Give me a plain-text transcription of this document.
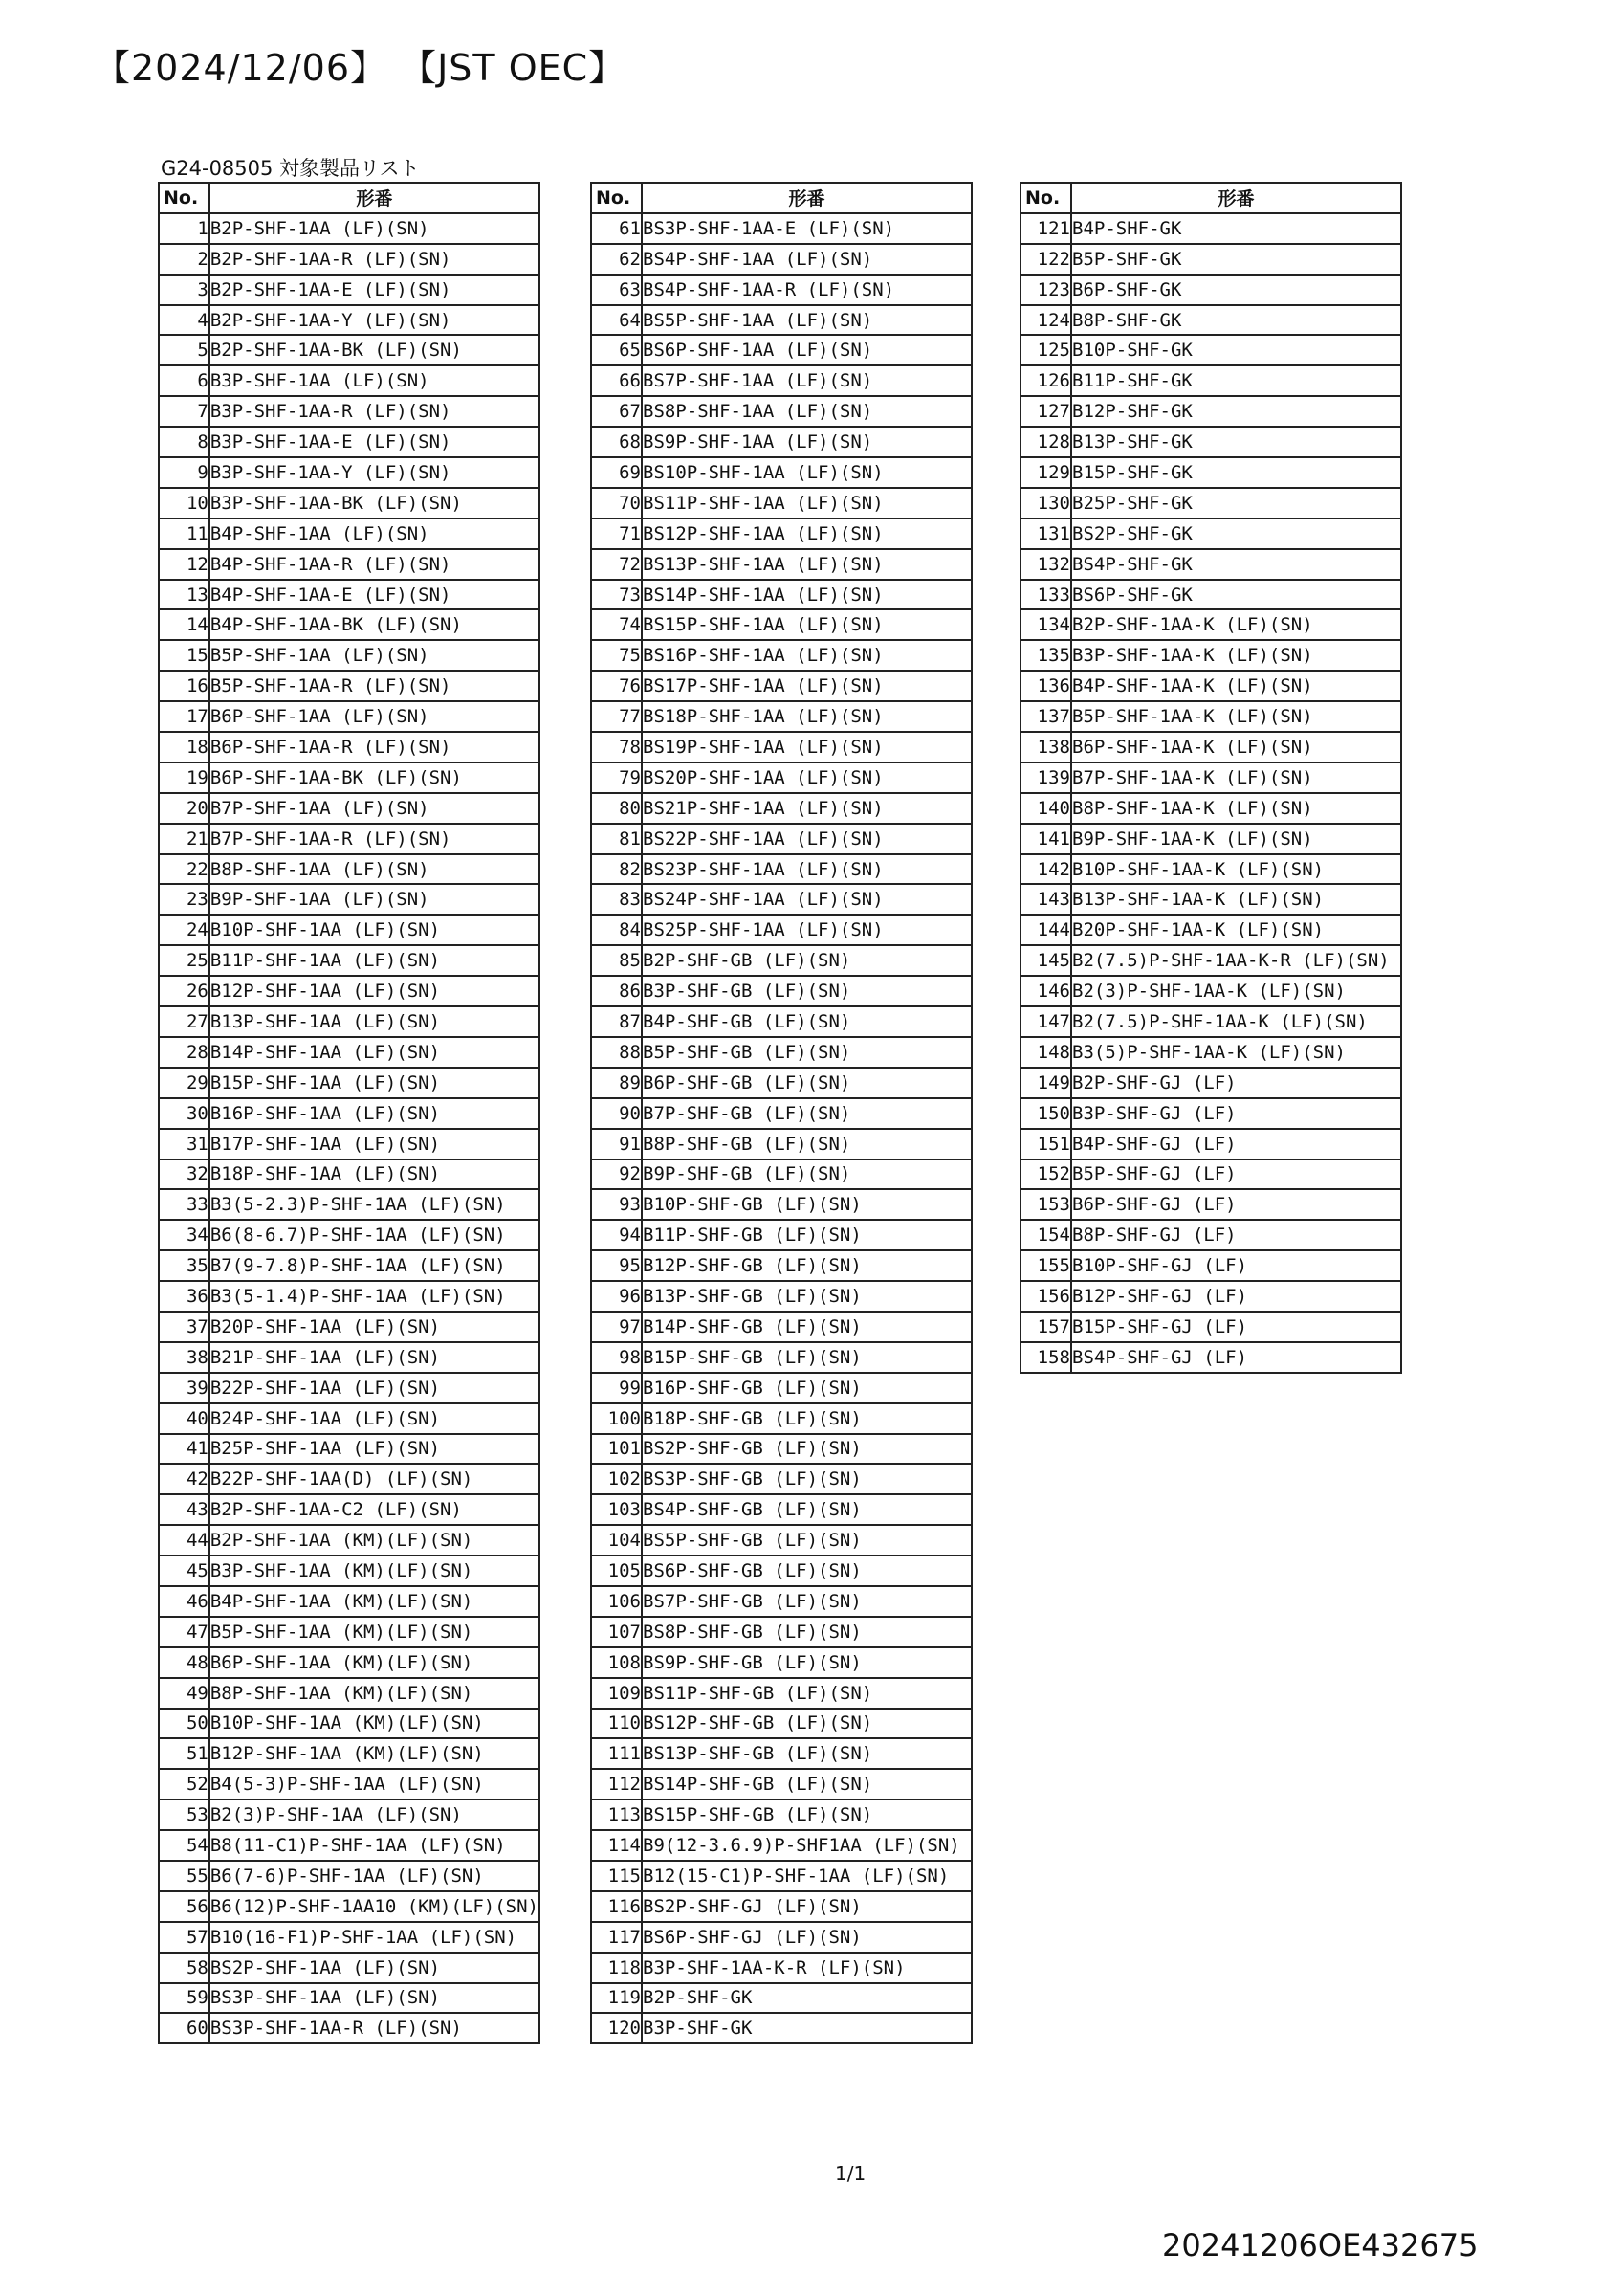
【2024/12/06】 【JST OEC】
G24-08505 対象製品リスト
No.	形番
1	B2P-SHF-1AA (LF)(SN)
2	B2P-SHF-1AA-R (LF)(SN)
3	B2P-SHF-1AA-E (LF)(SN)
4	B2P-SHF-1AA-Y (LF)(SN)
5	B2P-SHF-1AA-BK (LF)(SN)
6	B3P-SHF-1AA (LF)(SN)
7	B3P-SHF-1AA-R (LF)(SN)
8	B3P-SHF-1AA-E (LF)(SN)
9	B3P-SHF-1AA-Y (LF)(SN)
10	B3P-SHF-1AA-BK (LF)(SN)
11	B4P-SHF-1AA (LF)(SN)
12	B4P-SHF-1AA-R (LF)(SN)
13	B4P-SHF-1AA-E (LF)(SN)
14	B4P-SHF-1AA-BK (LF)(SN)
15	B5P-SHF-1AA (LF)(SN)
16	B5P-SHF-1AA-R (LF)(SN)
17	B6P-SHF-1AA (LF)(SN)
18	B6P-SHF-1AA-R (LF)(SN)
19	B6P-SHF-1AA-BK (LF)(SN)
20	B7P-SHF-1AA (LF)(SN)
21	B7P-SHF-1AA-R (LF)(SN)
22	B8P-SHF-1AA (LF)(SN)
23	B9P-SHF-1AA (LF)(SN)
24	B10P-SHF-1AA (LF)(SN)
25	B11P-SHF-1AA (LF)(SN)
26	B12P-SHF-1AA (LF)(SN)
27	B13P-SHF-1AA (LF)(SN)
28	B14P-SHF-1AA (LF)(SN)
29	B15P-SHF-1AA (LF)(SN)
30	B16P-SHF-1AA (LF)(SN)
31	B17P-SHF-1AA (LF)(SN)
32	B18P-SHF-1AA (LF)(SN)
33	B3(5-2.3)P-SHF-1AA (LF)(SN)
34	B6(8-6.7)P-SHF-1AA (LF)(SN)
35	B7(9-7.8)P-SHF-1AA (LF)(SN)
36	B3(5-1.4)P-SHF-1AA (LF)(SN)
37	B20P-SHF-1AA (LF)(SN)
38	B21P-SHF-1AA (LF)(SN)
39	B22P-SHF-1AA (LF)(SN)
40	B24P-SHF-1AA (LF)(SN)
41	B25P-SHF-1AA (LF)(SN)
42	B22P-SHF-1AA(D) (LF)(SN)
43	B2P-SHF-1AA-C2 (LF)(SN)
44	B2P-SHF-1AA (KM)(LF)(SN)
45	B3P-SHF-1AA (KM)(LF)(SN)
46	B4P-SHF-1AA (KM)(LF)(SN)
47	B5P-SHF-1AA (KM)(LF)(SN)
48	B6P-SHF-1AA (KM)(LF)(SN)
49	B8P-SHF-1AA (KM)(LF)(SN)
50	B10P-SHF-1AA (KM)(LF)(SN)
51	B12P-SHF-1AA (KM)(LF)(SN)
52	B4(5-3)P-SHF-1AA (LF)(SN)
53	B2(3)P-SHF-1AA (LF)(SN)
54	B8(11-C1)P-SHF-1AA (LF)(SN)
55	B6(7-6)P-SHF-1AA (LF)(SN)
56	B6(12)P-SHF-1AA10 (KM)(LF)(SN)
57	B10(16-F1)P-SHF-1AA (LF)(SN)
58	BS2P-SHF-1AA (LF)(SN)
59	BS3P-SHF-1AA (LF)(SN)
60	BS3P-SHF-1AA-R (LF)(SN)
No.	形番
61	BS3P-SHF-1AA-E (LF)(SN)
62	BS4P-SHF-1AA (LF)(SN)
63	BS4P-SHF-1AA-R (LF)(SN)
64	BS5P-SHF-1AA (LF)(SN)
65	BS6P-SHF-1AA (LF)(SN)
66	BS7P-SHF-1AA (LF)(SN)
67	BS8P-SHF-1AA (LF)(SN)
68	BS9P-SHF-1AA (LF)(SN)
69	BS10P-SHF-1AA (LF)(SN)
70	BS11P-SHF-1AA (LF)(SN)
71	BS12P-SHF-1AA (LF)(SN)
72	BS13P-SHF-1AA (LF)(SN)
73	BS14P-SHF-1AA (LF)(SN)
74	BS15P-SHF-1AA (LF)(SN)
75	BS16P-SHF-1AA (LF)(SN)
76	BS17P-SHF-1AA (LF)(SN)
77	BS18P-SHF-1AA (LF)(SN)
78	BS19P-SHF-1AA (LF)(SN)
79	BS20P-SHF-1AA (LF)(SN)
80	BS21P-SHF-1AA (LF)(SN)
81	BS22P-SHF-1AA (LF)(SN)
82	BS23P-SHF-1AA (LF)(SN)
83	BS24P-SHF-1AA (LF)(SN)
84	BS25P-SHF-1AA (LF)(SN)
85	B2P-SHF-GB (LF)(SN)
86	B3P-SHF-GB (LF)(SN)
87	B4P-SHF-GB (LF)(SN)
88	B5P-SHF-GB (LF)(SN)
89	B6P-SHF-GB (LF)(SN)
90	B7P-SHF-GB (LF)(SN)
91	B8P-SHF-GB (LF)(SN)
92	B9P-SHF-GB (LF)(SN)
93	B10P-SHF-GB (LF)(SN)
94	B11P-SHF-GB (LF)(SN)
95	B12P-SHF-GB (LF)(SN)
96	B13P-SHF-GB (LF)(SN)
97	B14P-SHF-GB (LF)(SN)
98	B15P-SHF-GB (LF)(SN)
99	B16P-SHF-GB (LF)(SN)
100	B18P-SHF-GB (LF)(SN)
101	BS2P-SHF-GB (LF)(SN)
102	BS3P-SHF-GB (LF)(SN)
103	BS4P-SHF-GB (LF)(SN)
104	BS5P-SHF-GB (LF)(SN)
105	BS6P-SHF-GB (LF)(SN)
106	BS7P-SHF-GB (LF)(SN)
107	BS8P-SHF-GB (LF)(SN)
108	BS9P-SHF-GB (LF)(SN)
109	BS11P-SHF-GB (LF)(SN)
110	BS12P-SHF-GB (LF)(SN)
111	BS13P-SHF-GB (LF)(SN)
112	BS14P-SHF-GB (LF)(SN)
113	BS15P-SHF-GB (LF)(SN)
114	B9(12-3.6.9)P-SHF1AA (LF)(SN)
115	B12(15-C1)P-SHF-1AA (LF)(SN)
116	BS2P-SHF-GJ (LF)(SN)
117	BS6P-SHF-GJ (LF)(SN)
118	B3P-SHF-1AA-K-R (LF)(SN)
119	B2P-SHF-GK
120	B3P-SHF-GK
No.	形番
121	B4P-SHF-GK
122	B5P-SHF-GK
123	B6P-SHF-GK
124	B8P-SHF-GK
125	B10P-SHF-GK
126	B11P-SHF-GK
127	B12P-SHF-GK
128	B13P-SHF-GK
129	B15P-SHF-GK
130	B25P-SHF-GK
131	BS2P-SHF-GK
132	BS4P-SHF-GK
133	BS6P-SHF-GK
134	B2P-SHF-1AA-K (LF)(SN)
135	B3P-SHF-1AA-K (LF)(SN)
136	B4P-SHF-1AA-K (LF)(SN)
137	B5P-SHF-1AA-K (LF)(SN)
138	B6P-SHF-1AA-K (LF)(SN)
139	B7P-SHF-1AA-K (LF)(SN)
140	B8P-SHF-1AA-K (LF)(SN)
141	B9P-SHF-1AA-K (LF)(SN)
142	B10P-SHF-1AA-K (LF)(SN)
143	B13P-SHF-1AA-K (LF)(SN)
144	B20P-SHF-1AA-K (LF)(SN)
145	B2(7.5)P-SHF-1AA-K-R (LF)(SN)
146	B2(3)P-SHF-1AA-K (LF)(SN)
147	B2(7.5)P-SHF-1AA-K (LF)(SN)
148	B3(5)P-SHF-1AA-K (LF)(SN)
149	B2P-SHF-GJ (LF)
150	B3P-SHF-GJ (LF)
151	B4P-SHF-GJ (LF)
152	B5P-SHF-GJ (LF)
153	B6P-SHF-GJ (LF)
154	B8P-SHF-GJ (LF)
155	B10P-SHF-GJ (LF)
156	B12P-SHF-GJ (LF)
157	B15P-SHF-GJ (LF)
158	BS4P-SHF-GJ (LF)
1/1
20241206OE432675
